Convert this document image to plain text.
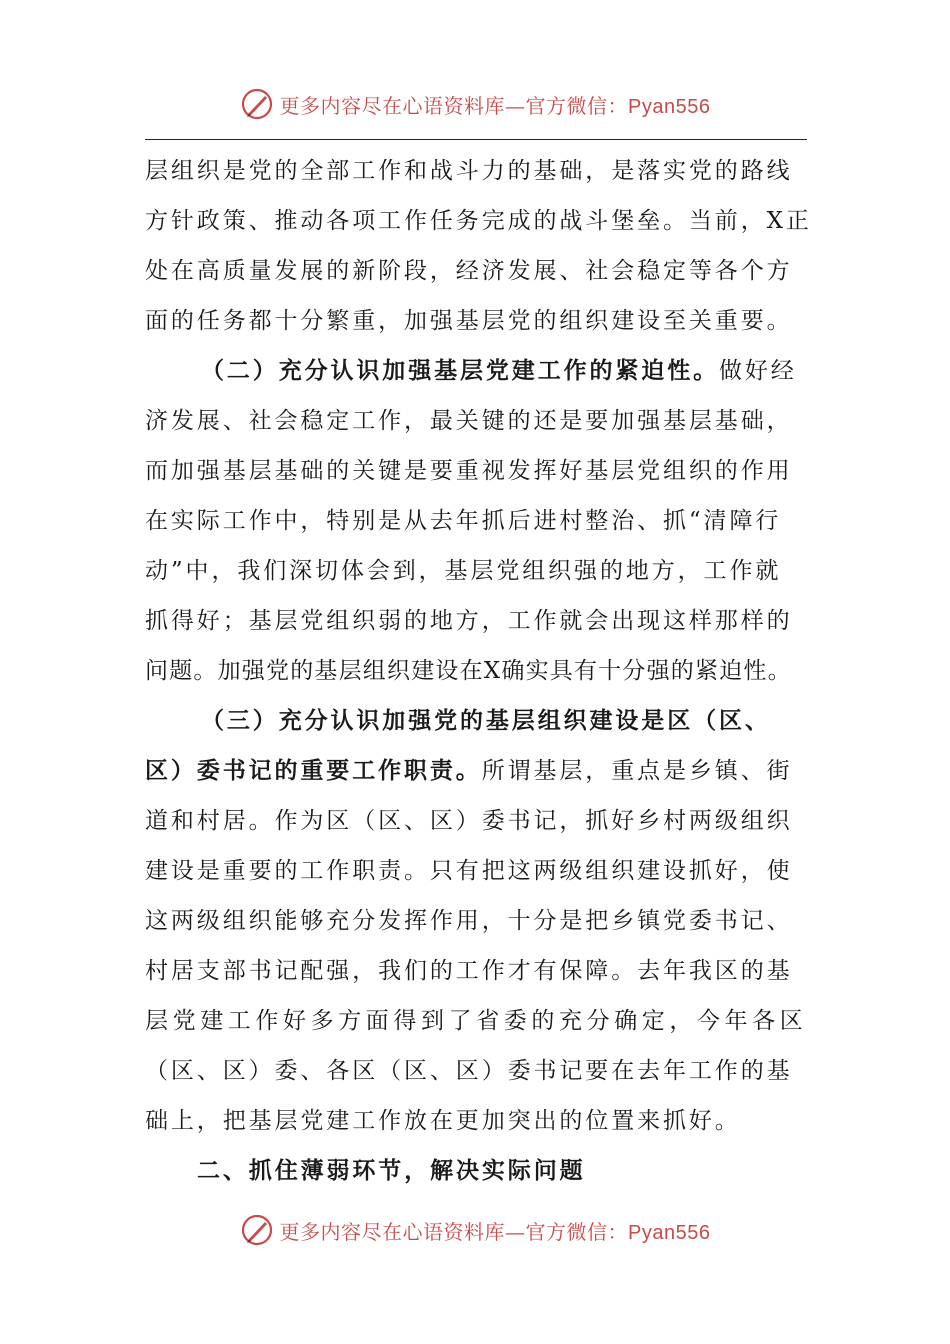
更多内容尽在心语资料库—官方微信：Pyan556
层组织是党的全部工作和战斗力的基础，是落实党的路线
方针政策、推动各项工作任务完成的战斗堡垒。当前，X正
处在高质量发展的新阶段，经济发展、社会稳定等各个方
面的任务都十分繁重，加强基层党的组织建设至关重要。
（二）充分认识加强基层党建工作的紧迫性。做好经
济发展、社会稳定工作，最关键的还是要加强基层基础，
而加强基层基础的关键是要重视发挥好基层党组织的作用
在实际工作中，特别是从去年抓后进村整治、抓“清障行
动”中，我们深切体会到，基层党组织强的地方，工作就
抓得好；基层党组织弱的地方，工作就会出现这样那样的
问题。加强党的基层组织建设在X确实具有十分强的紧迫性。
（三）充分认识加强党的基层组织建设是区（区、
区）委书记的重要工作职责。所谓基层，重点是乡镇、街
道和村居。作为区（区、区）委书记，抓好乡村两级组织
建设是重要的工作职责。只有把这两级组织建设抓好，使
这两级组织能够充分发挥作用，十分是把乡镇党委书记、
村居支部书记配强，我们的工作才有保障。去年我区的基
层党建工作好多方面得到了省委的充分确定，今年各区
（区、区）委、各区（区、区）委书记要在去年工作的基
础上，把基层党建工作放在更加突出的位置来抓好。
二、抓住薄弱环节，解决实际问题
更多内容尽在心语资料库—官方微信：Pyan556
